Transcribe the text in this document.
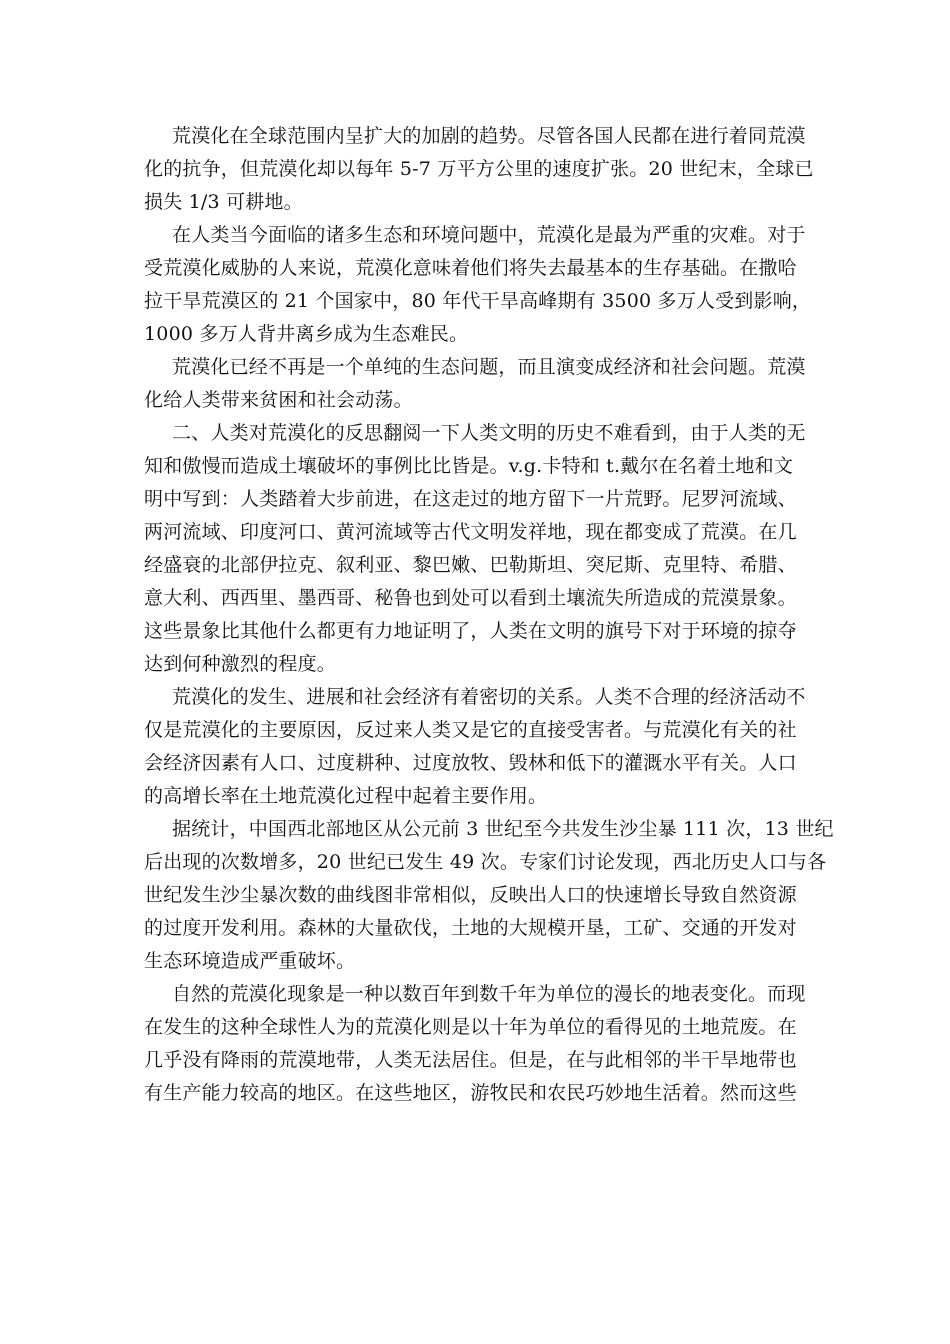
荒漠化在全球范围内呈扩大的加剧的趋势。尽管各国人民都在进行着同荒漠
化的抗争，但荒漠化却以每年 5-7 万平方公里的速度扩张。20 世纪末，全球已
损失 1/3 可耕地。
在人类当今面临的诸多生态和环境问题中，荒漠化是最为严重的灾难。对于
受荒漠化威胁的人来说，荒漠化意味着他们将失去最基本的生存基础。在撒哈
拉干旱荒漠区的 21 个国家中，80 年代干旱高峰期有 3500 多万人受到影响，
1000 多万人背井离乡成为生态难民。
荒漠化已经不再是一个单纯的生态问题，而且演变成经济和社会问题。荒漠
化给人类带来贫困和社会动荡。
二、人类对荒漠化的反思翻阅一下人类文明的历史不难看到，由于人类的无
知和傲慢而造成土壤破坏的事例比比皆是。v.g.卡特和 t.戴尔在名着土地和文
明中写到：人类踏着大步前进，在这走过的地方留下一片荒野。尼罗河流域、
两河流域、印度河口、黄河流域等古代文明发祥地，现在都变成了荒漠。在几
经盛衰的北部伊拉克、叙利亚、黎巴嫩、巴勒斯坦、突尼斯、克里特、希腊、
意大利、西西里、墨西哥、秘鲁也到处可以看到土壤流失所造成的荒漠景象。
这些景象比其他什么都更有力地证明了，人类在文明的旗号下对于环境的掠夺
达到何种激烈的程度。
荒漠化的发生、进展和社会经济有着密切的关系。人类不合理的经济活动不
仅是荒漠化的主要原因，反过来人类又是它的直接受害者。与荒漠化有关的社
会经济因素有人口、过度耕种、过度放牧、毁林和低下的灌溉水平有关。人口
的高增长率在土地荒漠化过程中起着主要作用。
据统计，中国西北部地区从公元前 3 世纪至今共发生沙尘暴 111 次，13 世纪
后出现的次数增多，20 世纪已发生 49 次。专家们讨论发现，西北历史人口与各
世纪发生沙尘暴次数的曲线图非常相似，反映出人口的快速增长导致自然资源
的过度开发利用。森林的大量砍伐，土地的大规模开垦，工矿、交通的开发对
生态环境造成严重破坏。
自然的荒漠化现象是一种以数百年到数千年为单位的漫长的地表变化。而现
在发生的这种全球性人为的荒漠化则是以十年为单位的看得见的土地荒废。在
几乎没有降雨的荒漠地带，人类无法居住。但是，在与此相邻的半干旱地带也
有生产能力较高的地区。在这些地区，游牧民和农民巧妙地生活着。然而这些
